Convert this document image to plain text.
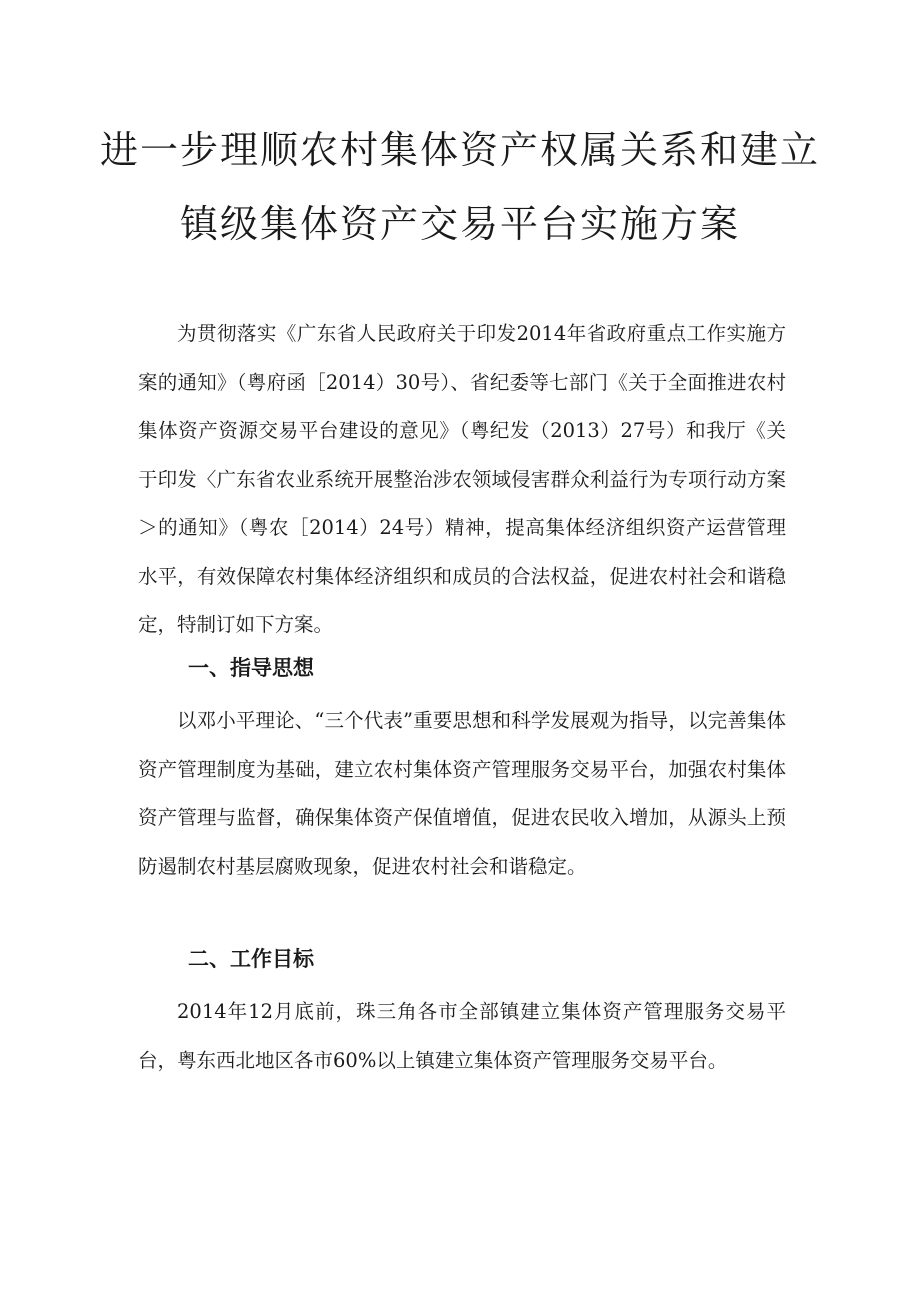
进一步理顺农村集体资产权属关系和建立
镇级集体资产交易平台实施方案

为贯彻落实《广东省人民政府关于印发2014年省政府重点工作实施方案的通知》（粤府函［2014）30号）、省纪委等七部门《关于全面推进农村集体资产资源交易平台建设的意见》（粤纪发（2013）27号）和我厅《关于印发〈广东省农业系统开展整治涉农领域侵害群众利益行为专项行动方案＞的通知》（粤农［2014）24号）精神，提高集体经济组织资产运营管理水平，有效保障农村集体经济组织和成员的合法权益，促进农村社会和谐稳定，特制订如下方案。

一、指导思想

以邓小平理论、“三个代表”重要思想和科学发展观为指导，以完善集体资产管理制度为基础，建立农村集体资产管理服务交易平台，加强农村集体资产管理与监督，确保集体资产保值增值，促进农民收入增加，从源头上预防遏制农村基层腐败现象，促进农村社会和谐稳定。

二、工作目标

2014年12月底前，珠三角各市全部镇建立集体资产管理服务交易平台，粤东西北地区各市60%以上镇建立集体资产管理服务交易平台。
